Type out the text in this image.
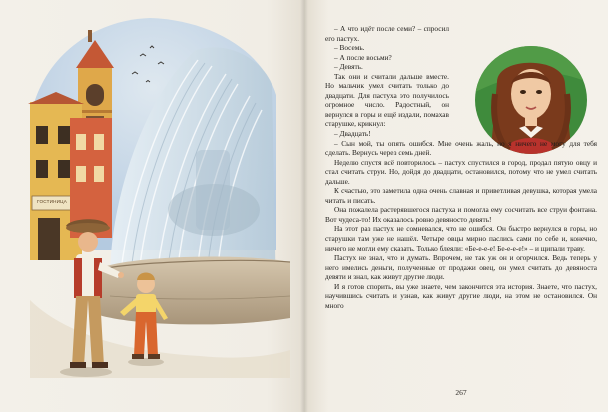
ГОСТИНИЦА

– А что идёт после семи? – спросил его пастух.

– Восемь.

– А после восьми?

– Девять.

Так они и считали дальше вместе. Но мальчик умел считать только до двадцати. Для пастуха это получилось огромное число. Радостный, он вернулся в горы и ещё издали, помахав старушке, крикнул:

– Двадцать!

– Сын мой, ты опять ошибся. Мне очень жаль, но я ничего не могу для тебя сделать. Вернусь через семь дней.

Неделю спустя всё повторилось – пастух спустился в город, продал пятую овцу и стал считать струи. Но, дойдя до двадцати, остановился, потому что не умел считать дальше.

К счастью, это заметила одна очень славная и приветливая девушка, которая умела читать и писать.

Она пожалела растерявшегося пастуха и помогла ему сосчитать все струи фонтана. Вот чудеса-то! Их оказалось ровно девяносто девять!

На этот раз пастух не сомневался, что не ошибся. Он быстро вернулся в горы, но старушки там уже не нашёл. Четыре овцы мирно паслись сами по себе и, конечно, ничего не могли ему сказать. Только блеяли: «Бе-е-е-е! Бе-е-е-е!» – и щипали траву.

Пастух не знал, что и думать. Впрочем, не так уж он и огорчился. Ведь теперь у него имелись деньги, полученные от продажи овец, он умел считать до девяноста девяти и знал, как живут другие люди.

И я готов спорить, вы уже знаете, чем закончится эта история. Знаете, что пастух, научившись считать и узнав, как живут другие люди, на этом не остановился. Он много

267
